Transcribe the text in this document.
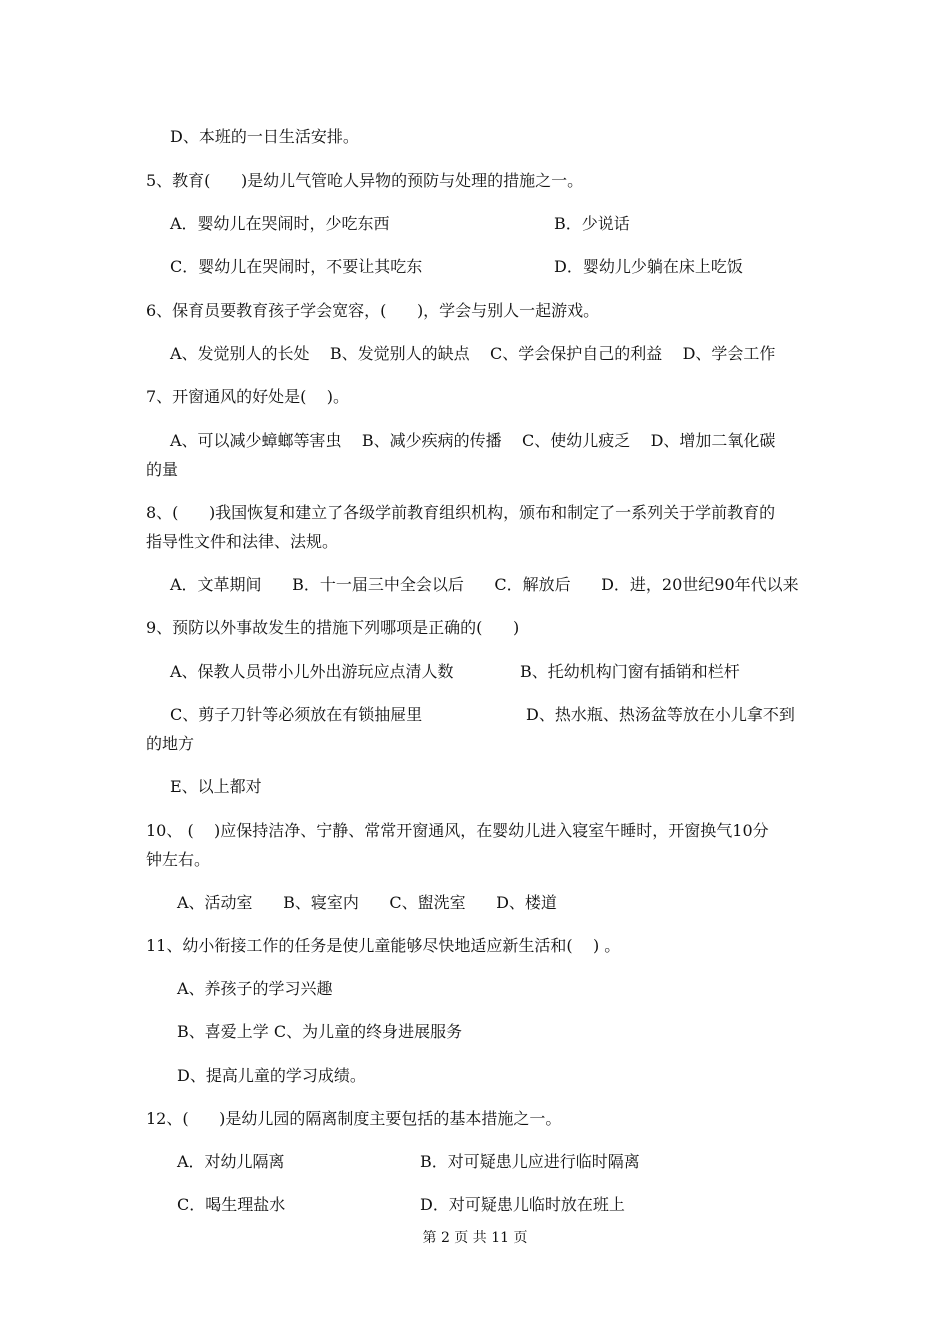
D、本班的一日生活安排。
5、教育(      )是幼儿气管呛人异物的预防与处理的措施之一。
A．婴幼儿在哭闹时，少吃东西	B．少说话
C．婴幼儿在哭闹时，不要让其吃东	D．婴幼儿少躺在床上吃饭
6、保育员要教育孩子学会宽容，(      )，学会与别人一起游戏。
A、发觉别人的长处    B、发觉别人的缺点    C、学会保护自己的利益    D、学会工作
7、开窗通风的好处是(    )。
A、可以减少蟑螂等害虫    B、减少疾病的传播    C、使幼儿疲乏    D、增加二氧化碳
的量
8、(      )我国恢复和建立了各级学前教育组织机构，颁布和制定了一系列关于学前教育的
指导性文件和法律、法规。
A．文革期间      B．十一届三中全会以后      C．解放后      D．进，20世纪90年代以来
9、预防以外事故发生的措施下列哪项是正确的(      )
A、保教人员带小儿外出游玩应点清人数	B、托幼机构门窗有插销和栏杆
C、剪子刀针等必须放在有锁抽屉里	D、热水瓶、热汤盆等放在小儿拿不到
的地方
E、以上都对
10、 (    )应保持洁净、宁静、常常开窗通风，在婴幼儿进入寝室午睡时，开窗换气10分
钟左右。
A、活动室      B、寝室内      C、盥洗室      D、楼道
11、幼小衔接工作的任务是使儿童能够尽快地适应新生活和(    ) 。
A、养孩子的学习兴趣
B、喜爱上学 C、为儿童的终身进展服务
D、提高儿童的学习成绩。
12、(      )是幼儿园的隔离制度主要包括的基本措施之一。
A．对幼儿隔离	B．对可疑患儿应进行临时隔离
C．喝生理盐水	D．对可疑患儿临时放在班上
第 2 页 共 11 页
